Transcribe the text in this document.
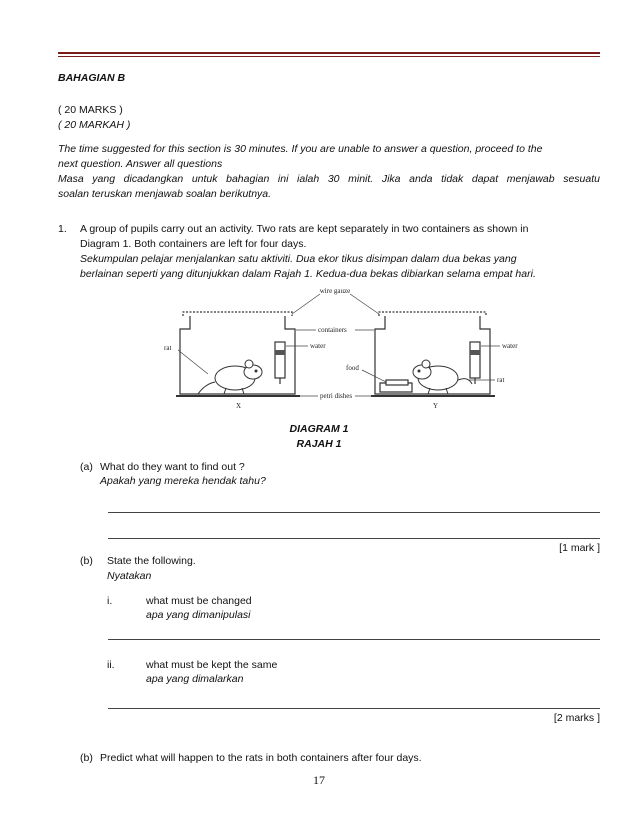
BAHAGIAN B
( 20 MARKS )
( 20 MARKAH )
The time suggested for this section is 30 minutes. If you are unable to answer a question, proceed to the
next question. Answer all questions
Masa yang dicadangkan untuk bahagian ini ialah 30 minit. Jika anda tidak dapat menjawab sesuatu
soalan teruskan menjawab soalan berikutnya.
1. A group of pupils carry out an activity. Two rats are kept separately in two containers as shown in
Diagram 1. Both containers are left for four days.
Sekumpulan pelajar menjalankan satu aktiviti. Dua ekor tikus disimpan dalam dua bekas yang
berlainan seperti yang ditunjukkan dalam Rajah 1. Kedua-dua bekas dibiarkan selama empat hari.
wire gauze
containers
water	water
rat
rat
food
petri dishes
X	Y
DIAGRAM 1
RAJAH 1
(a) What do they want to find out ?
Apakah yang mereka hendak tahu?
[1 mark ]
(b) State the following.
Nyatakan
i.	what must be changed
apa yang dimanipulasi
ii.	what must be kept the same
apa yang dimalarkan
[2 marks ]
(b) Predict what will happen to the rats in both containers after four days.
17
